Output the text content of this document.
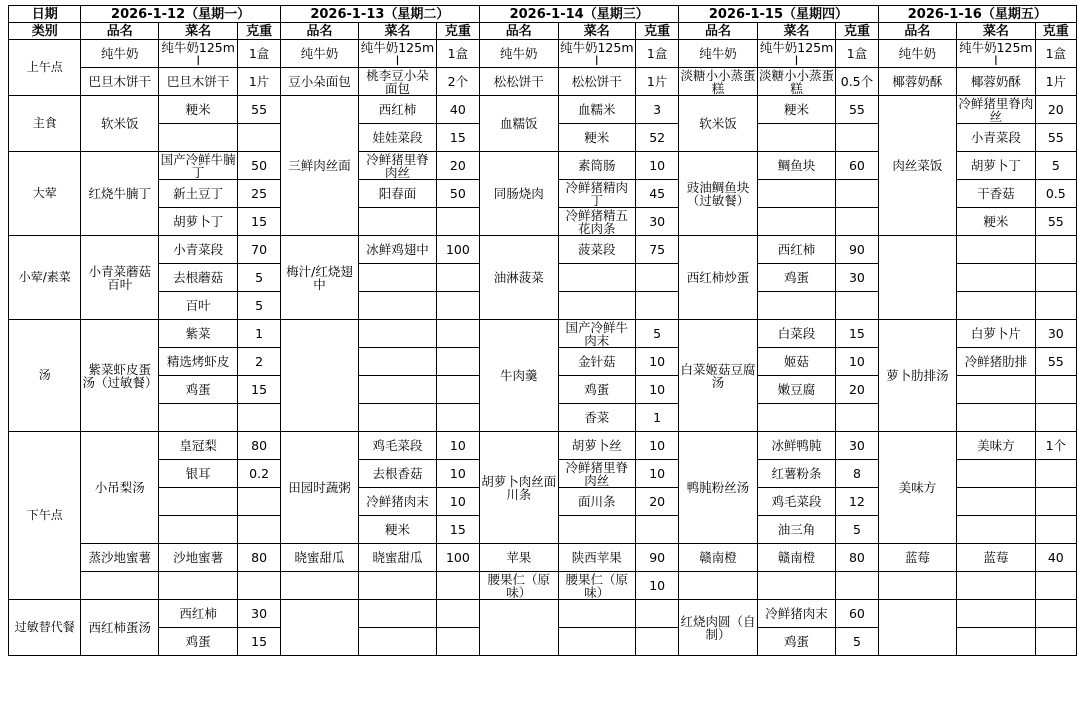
日期	2026-1-12（星期一）			2026-1-13（星期二）			2026-1-14（星期三）			2026-1-15（星期四）			2026-1-16（星期五）		
类别	品名	菜名	克重	品名	菜名	克重	品名	菜名	克重	品名	菜名	克重	品名	菜名	克重
上午点	纯牛奶	纯牛奶125ml	1盒	纯牛奶	纯牛奶125ml	1盒	纯牛奶	纯牛奶125ml	1盒	纯牛奶	纯牛奶125ml	1盒	纯牛奶	纯牛奶125ml	1盒
	巴旦木饼干	巴旦木饼干	1片	豆小朵面包	桃李豆小朵面包	2个	松松饼干	松松饼干	1片	淡糖小小蒸蛋糕	淡糖小小蒸蛋糕	0.5个	椰蓉奶酥	椰蓉奶酥	1片
主食	软米饭	粳米	55	三鲜肉丝面	西红柿	40	血糯饭	血糯米	3	软米饭	粳米	55	肉丝菜饭	冷鲜猪里脊肉丝	20
					娃娃菜段	15		粳米	52					小青菜段	55
大荤	红烧牛腩丁	国产冷鲜牛腩丁	50		冷鲜猪里脊肉丝	20	同肠烧肉	素筒肠	10	豉油鲷鱼块（过敏餐）	鲷鱼块	60		胡萝卜丁	5
		新土豆丁	25		阳春面	50		冷鲜猪精肉丁	45					干香菇	0.5
		胡萝卜丁	15					冷鲜猪精五花肉条	30					粳米	55
小荤/素菜	小青菜蘑菇百叶	小青菜段	70	梅汁/红烧翅中	冰鲜鸡翅中	100	油淋菠菜	菠菜段	75	西红柿炒蛋	西红柿	90			
		去根蘑菇	5								鸡蛋	30			
		百叶	5												
汤	紫菜虾皮蛋汤（过敏餐）	紫菜	1				牛肉羹	国产冷鲜牛肉末	5	白菜姬菇豆腐汤	白菜段	15	萝卜肋排汤	白萝卜片	30
		精选烤虾皮	2					金针菇	10		姬菇	10		冷鲜猪肋排	55
		鸡蛋	15					鸡蛋	10		嫩豆腐	20			
								香菜	1						
下午点	小吊梨汤	皇冠梨	80	田园时蔬粥	鸡毛菜段	10	胡萝卜肉丝面川条	胡萝卜丝	10	鸭肫粉丝汤	冰鲜鸭肫	30	美味方	美味方	1个
		银耳	0.2		去根香菇	10		冷鲜猪里脊肉丝	10		红薯粉条	8			
					冷鲜猪肉末	10		面川条	20		鸡毛菜段	12			
					粳米	15					油三角	5			
	蒸沙地蜜薯	沙地蜜薯	80	晓蜜甜瓜	晓蜜甜瓜	100	苹果	陕西苹果	90	赣南橙	赣南橙	80	蓝莓	蓝莓	40
							腰果仁（原味）	腰果仁（原味）	10						
过敏替代餐	西红柿蛋汤	西红柿	30							红烧肉圆（自制）	冷鲜猪肉末	60			
		鸡蛋	15								鸡蛋	5			
